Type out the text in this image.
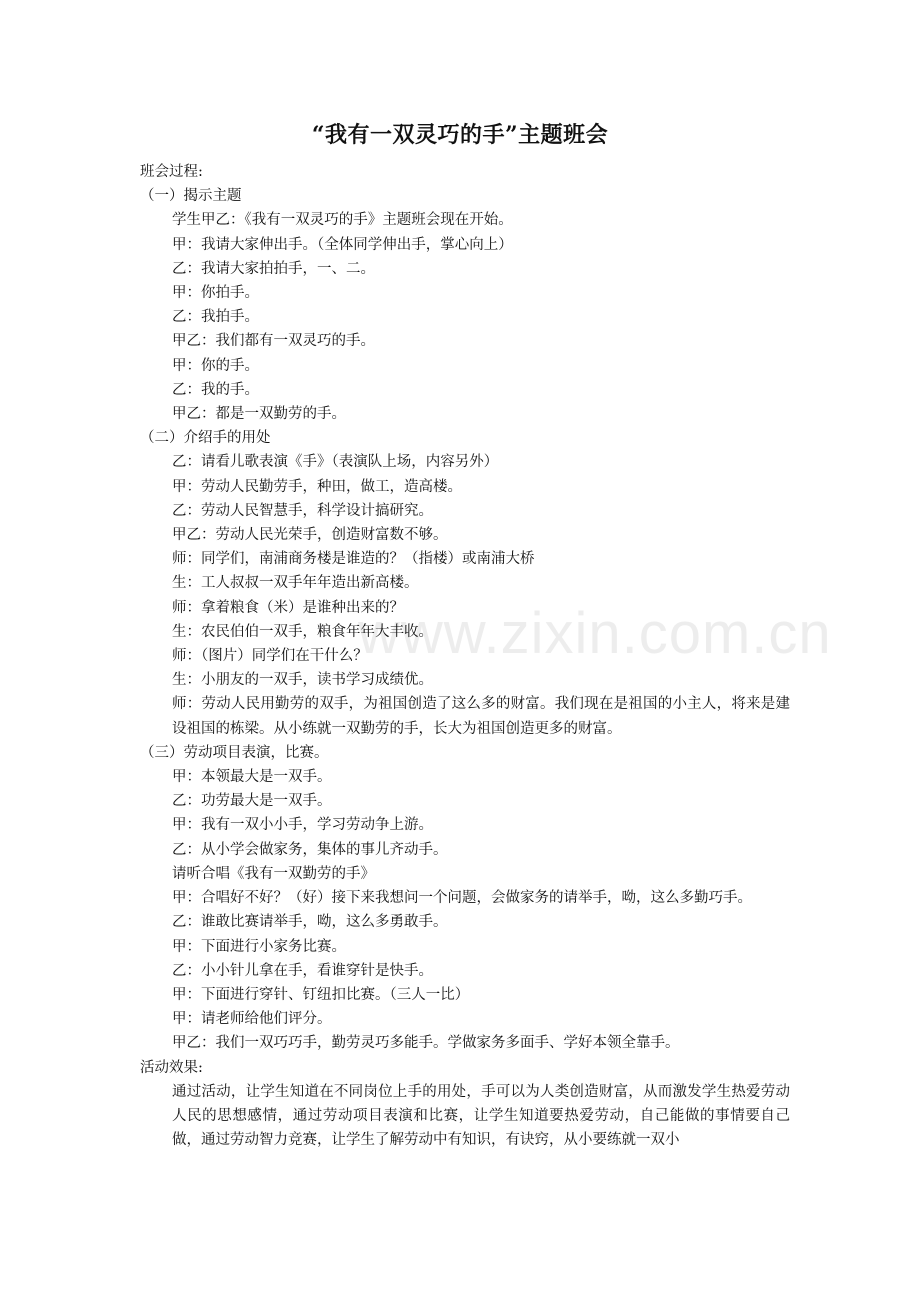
www.zixin.com.cn
“我有一双灵巧的手”主题班会
班会过程:
（一）揭示主题
学生甲乙：《我有一双灵巧的手》主题班会现在开始。
甲：我请大家伸出手。（全体同学伸出手，掌心向上）
乙：我请大家拍拍手，一、二。
甲：你拍手。
乙：我拍手。
甲乙：我们都有一双灵巧的手。
甲：你的手。
乙：我的手。
甲乙：都是一双勤劳的手。
（二）介绍手的用处
乙：请看儿歌表演《手》（表演队上场，内容另外）
甲：劳动人民勤劳手，种田，做工，造高楼。
乙：劳动人民智慧手，科学设计搞研究。
甲乙：劳动人民光荣手，创造财富数不够。
师：同学们，南浦商务楼是谁造的？（指楼）或南浦大桥
生：工人叔叔一双手年年造出新高楼。
师：拿着粮食（米）是谁种出来的？
生：农民伯伯一双手，粮食年年大丰收。
师：（图片）同学们在干什么？
生：小朋友的一双手，读书学习成绩优。
师：劳动人民用勤劳的双手，为祖国创造了这么多的财富。我们现在是祖国的小主人，将来是建设祖国的栋梁。从小练就一双勤劳的手，长大为祖国创造更多的财富。
（三）劳动项目表演，比赛。
甲：本领最大是一双手。
乙：功劳最大是一双手。
甲：我有一双小小手，学习劳动争上游。
乙：从小学会做家务，集体的事儿齐动手。
请听合唱《我有一双勤劳的手》
甲：合唱好不好？（好）接下来我想问一个问题，会做家务的请举手，呦，这么多勤巧手。
乙：谁敢比赛请举手，呦，这么多勇敢手。
甲：下面进行小家务比赛。
乙：小小针儿拿在手，看谁穿针是快手。
甲：下面进行穿针、钉纽扣比赛。（三人一比）
甲：请老师给他们评分。
甲乙：我们一双巧巧手，勤劳灵巧多能手。学做家务多面手、学好本领全靠手。
活动效果:
通过活动，让学生知道在不同岗位上手的用处，手可以为人类创造财富，从而激发学生热爱劳动人民的思想感情，通过劳动项目表演和比赛，让学生知道要热爱劳动，自己能做的事情要自己做，通过劳动智力竞赛，让学生了解劳动中有知识，有诀窍，从小要练就一双小
